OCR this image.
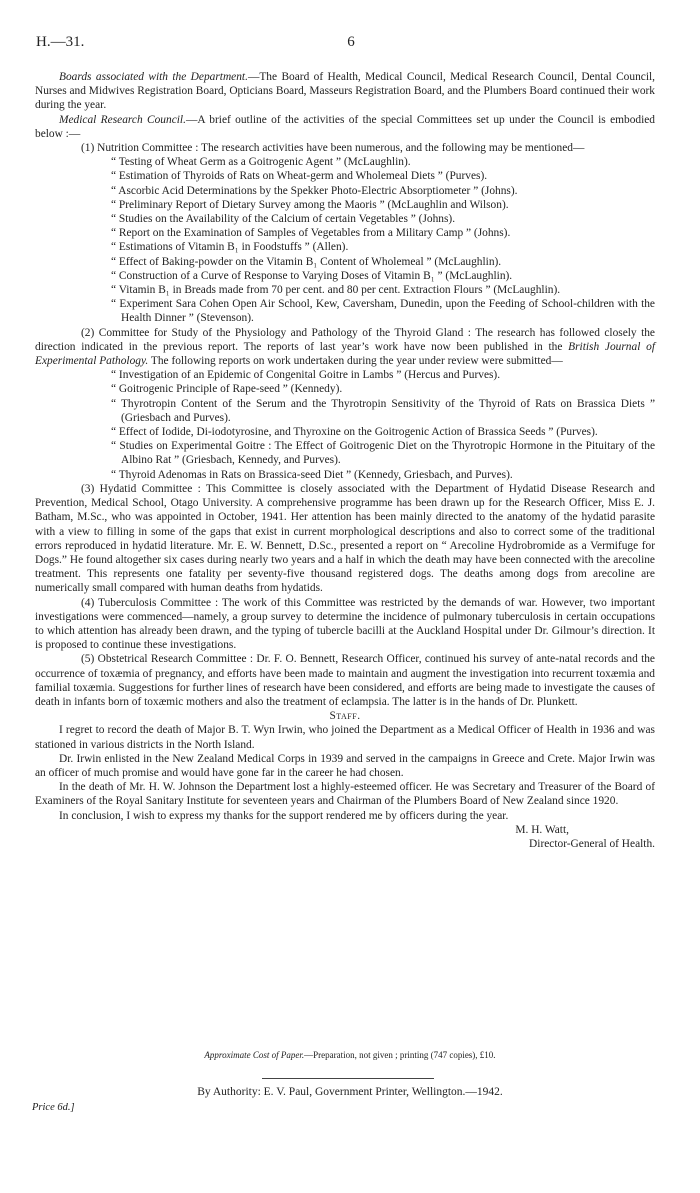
H.—31.	6

Boards associated with the Department.—The Board of Health, Medical Council, Medical Research Council, Dental Council, Nurses and Midwives Registration Board, Opticians Board, Masseurs Registration Board, and the Plumbers Board continued their work during the year.

Medical Research Council.—A brief outline of the activities of the special Committees set up under the Council is embodied below :—

(1) Nutrition Committee : The research activities have been numerous, and the following may be mentioned—

“ Testing of Wheat Germ as a Goitrogenic Agent ” (McLaughlin).

“ Estimation of Thyroids of Rats on Wheat-germ and Wholemeal Diets ” (Purves).

“ Ascorbic Acid Determinations by the Spekker Photo-Electric Absorptiometer ” (Johns).

“ Preliminary Report of Dietary Survey among the Maoris ” (McLaughlin and Wilson).

“ Studies on the Availability of the Calcium of certain Vegetables ” (Johns).

“ Report on the Examination of Samples of Vegetables from a Military Camp ” (Johns).

“ Estimations of Vitamin B₁ in Foodstuffs ” (Allen).

“ Effect of Baking-powder on the Vitamin B₁ Content of Wholemeal ” (McLaughlin).

“ Construction of a Curve of Response to Varying Doses of Vitamin B₁ ” (McLaughlin).

“ Vitamin B₁ in Breads made from 70 per cent. and 80 per cent. Extraction Flours ” (McLaughlin).

“ Experiment Sara Cohen Open Air School, Kew, Caversham, Dunedin, upon the Feeding of School-children with the Health Dinner ” (Stevenson).

(2) Committee for Study of the Physiology and Pathology of the Thyroid Gland : The research has followed closely the direction indicated in the previous report. The reports of last year’s work have now been published in the British Journal of Experimental Pathology. The following reports on work undertaken during the year under review were submitted—

“ Investigation of an Epidemic of Congenital Goitre in Lambs ” (Hercus and Purves).

“ Goitrogenic Principle of Rape-seed ” (Kennedy).

“ Thyrotropin Content of the Serum and the Thyrotropin Sensitivity of the Thyroid of Rats on Brassica Diets ” (Griesbach and Purves).

“ Effect of Iodide, Di-iodotyrosine, and Thyroxine on the Goitrogenic Action of Brassica Seeds ” (Purves).

“ Studies on Experimental Goitre : The Effect of Goitrogenic Diet on the Thyrotropic Hormone in the Pituitary of the Albino Rat ” (Griesbach, Kennedy, and Purves).

“ Thyroid Adenomas in Rats on Brassica-seed Diet ” (Kennedy, Griesbach, and Purves).

(3) Hydatid Committee : This Committee is closely associated with the Department of Hydatid Disease Research and Prevention, Medical School, Otago University. A comprehensive programme has been drawn up for the Research Officer, Miss E. J. Batham, M.Sc., who was appointed in October, 1941. Her attention has been mainly directed to the anatomy of the hydatid parasite with a view to filling in some of the gaps that exist in current morphological descriptions and also to correct some of the traditional errors reproduced in hydatid literature. Mr. E. W. Bennett, D.Sc., presented a report on “ Arecoline Hydrobromide as a Vermifuge for Dogs.” He found altogether six cases during nearly two years and a half in which the death may have been connected with the arecoline treatment. This represents one fatality per seventy-five thousand registered dogs. The deaths among dogs from arecoline are numerically small compared with human deaths from hydatids.

(4) Tuberculosis Committee : The work of this Committee was restricted by the demands of war. However, two important investigations were commenced—namely, a group survey to determine the incidence of pulmonary tuberculosis in certain occupations to which attention has already been drawn, and the typing of tubercle bacilli at the Auckland Hospital under Dr. Gilmour’s direction. It is proposed to continue these investigations.

(5) Obstetrical Research Committee : Dr. F. O. Bennett, Research Officer, continued his survey of ante-natal records and the occurrence of toxæmia of pregnancy, and efforts have been made to maintain and augment the investigation into recurrent toxæmia and familial toxæmia. Suggestions for further lines of research have been considered, and efforts are being made to investigate the causes of death in infants born of toxæmic mothers and also the treatment of eclampsia. The latter is in the hands of Dr. Plunkett.

Staff.

I regret to record the death of Major B. T. Wyn Irwin, who joined the Department as a Medical Officer of Health in 1936 and was stationed in various districts in the North Island.

Dr. Irwin enlisted in the New Zealand Medical Corps in 1939 and served in the campaigns in Greece and Crete. Major Irwin was an officer of much promise and would have gone far in the career he had chosen.

In the death of Mr. H. W. Johnson the Department lost a highly-esteemed officer. He was Secretary and Treasurer of the Board of Examiners of the Royal Sanitary Institute for seventeen years and Chairman of the Plumbers Board of New Zealand since 1920.

In conclusion, I wish to express my thanks for the support rendered me by officers during the year.

M. H. Watt,
Director-General of Health.
Approximate Cost of Paper.—Preparation, not given ; printing (747 copies), £10.
By Authority: E. V. Paul, Government Printer, Wellington.—1942.
Price 6d.]
